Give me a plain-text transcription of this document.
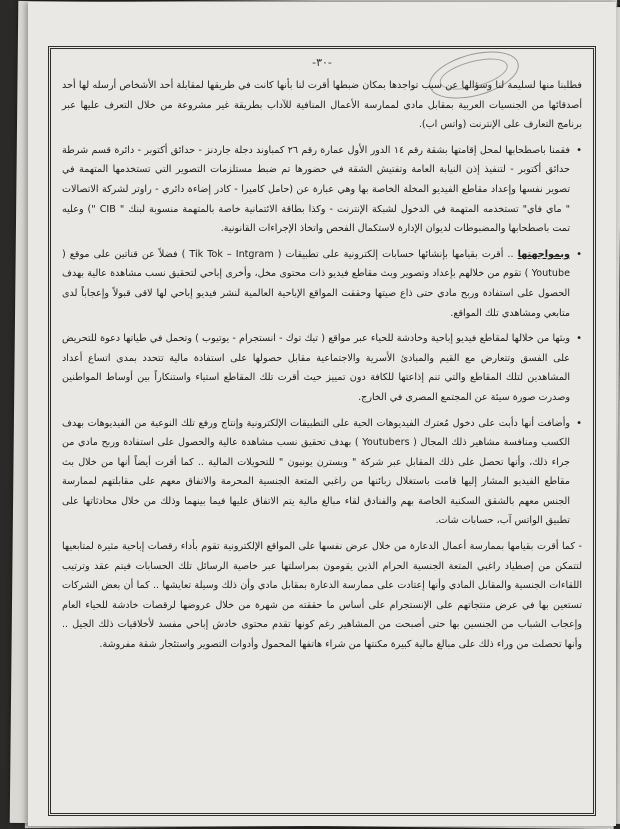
-٣٠-

فطلبنا منها لسليمة لنا وسؤالها عن سبب تواجدها بمكان ضبطها أقرت لنا بأنها كانت في طريقها لمقابلة أحد الأشخاص أرسله لها أحد أصدقائها من الجنسيات العربية بمقابل مادي لممارسة الأعمال المنافية للآداب بطريقة غير مشروعة من خلال التعرف عليها عبر برنامج التعارف على الإنترنت (واتس اب).

•
فقمنا باصطحابها لمحل إقامتها بشقة رقم ١٤ الدور الأول عمارة رقم ٢٦ كمباوند دجلة جاردنز - حدائق أكتوبر - دائرة قسم شرطة حدائق أكتوبر - لتنفيذ إذن النيابة العامة وتفتيش الشقة في حضورها تم ضبط مستلزمات التصوير التي تستخدمها المتهمة في تصوير نفسها وإعداد مقاطع الفيديو المخلة الخاصة بها وهي عبارة عن (حامل كاميرا - كادر إضاءة دائري - راوتر لشركة الاتصالات " ماي فاي" تستخدمه المتهمة في الدخول لشبكة الإنترنت - وكذا بطاقة الائتمانية خاصة بالمتهمة منسوبة لبنك " CIB ") وعليه تمت باصطحابها والمضبوطات لديوان الإدارة لاستكمال الفحص واتخاذ الإجراءات القانونية.

•
وبمواجهتها .. أقرت بقيامها بإنشائها حسابات إلكترونية على تطبيقات ( Tik Tok – Intgram ) فضلاً عن قناتين على موقع ( Youtube ) تقوم من خلالهم بإعداد وتصوير وبث مقاطع فيديو ذات محتوى مخل، وأخرى إباحي لتحقيق نسب مشاهدة عالية بهدف الحصول على استفادة وربح مادي حتى ذاع صيتها وحققت المواقع الإباحية العالمية لنشر فيديو إباحي لها لاقى قبولاً وإعجاباً لدى متابعي ومشاهدي تلك المواقع.

•
وبثها من خلالها لمقاطع فيديو إباحية وخادشة للحياء عبر مواقع ( تيك توك - انستجرام - يوتيوب ) وتحمل في طياتها دعوة للتحريض على الفسق وتتعارض مع القيم والمبادئ الأسرية والاجتماعية مقابل حصولها على استفادة مالية تتحدد بمدى اتساع أعداد المشاهدين لتلك المقاطع والتي تنم إذاعتها للكافة دون تمييز حيث أقرت تلك المقاطع استياء واستنكاراً بين أوساط المواطنين وصدرت صورة سيئة عن المجتمع المصري في الخارج.

•
وأضافت أنها دأبت على دخول مُعترك الفيديوهات الحية على التطبيقات الإلكترونية وإنتاج ورفع تلك النوعية من الفيديوهات بهدف الكسب ومنافسة مشاهير ذلك المجال ( Youtubers ) بهدف تحقيق نسب مشاهدة عالية والحصول على استفادة وربح مادي من جراء ذلك، وأنها تحصل على ذلك المقابل عبر شركة " ويسترن يونيون " للتحويلات المالية .. كما أقرت أيضاً أنها من خلال بث مقاطع الفيديو المشار إليها قامت باستغلال زبائنها من راغبي المتعة الجنسية المحرمة والاتفاق معهم على مقابلتهم لممارسة الجنس معهم بالشقق السكنية الخاصة بهم والفنادق لقاء مبالغ مالية يتم الاتفاق عليها فيما بينهما وذلك من خلال محادثاتها على تطبيق الواتس آب، حسابات شات.

- كما أقرت بقيامها بممارسة أعمال الدعارة من خلال عرض نفسها على المواقع الإلكترونية تقوم بأداء رقصات إباحية مثيرة لمتابعيها لتتمكن من إصطياد راغبي المتعة الجنسية الحرام الذين يقومون بمراسلتها عبر خاصية الرسائل تلك الحسابات فيتم عقد وترتيب اللقاءات الجنسية والمقابل المادي وأنها إعتادت على ممارسة الدعارة بمقابل مادي وأن ذلك وسيلة تعايشها .. كما أن بعض الشركات تستعين بها في عرض منتجاتهم على الإنستجرام على أساس ما حققته من شهرة من خلال عروضها لرقصات خادشة للحياء العام وإعجاب الشباب من الجنسين بها حتى أصبحت من المشاهير رغم كونها تقدم محتوى خادش إباحي مفسد لأخلاقيات ذلك الجيل .. وأنها تحصلت من وراء ذلك على مبالغ مالية كبيرة مكنتها من شراء هاتفها المحمول وأدوات التصوير واستئجار شقة مفروشة.
